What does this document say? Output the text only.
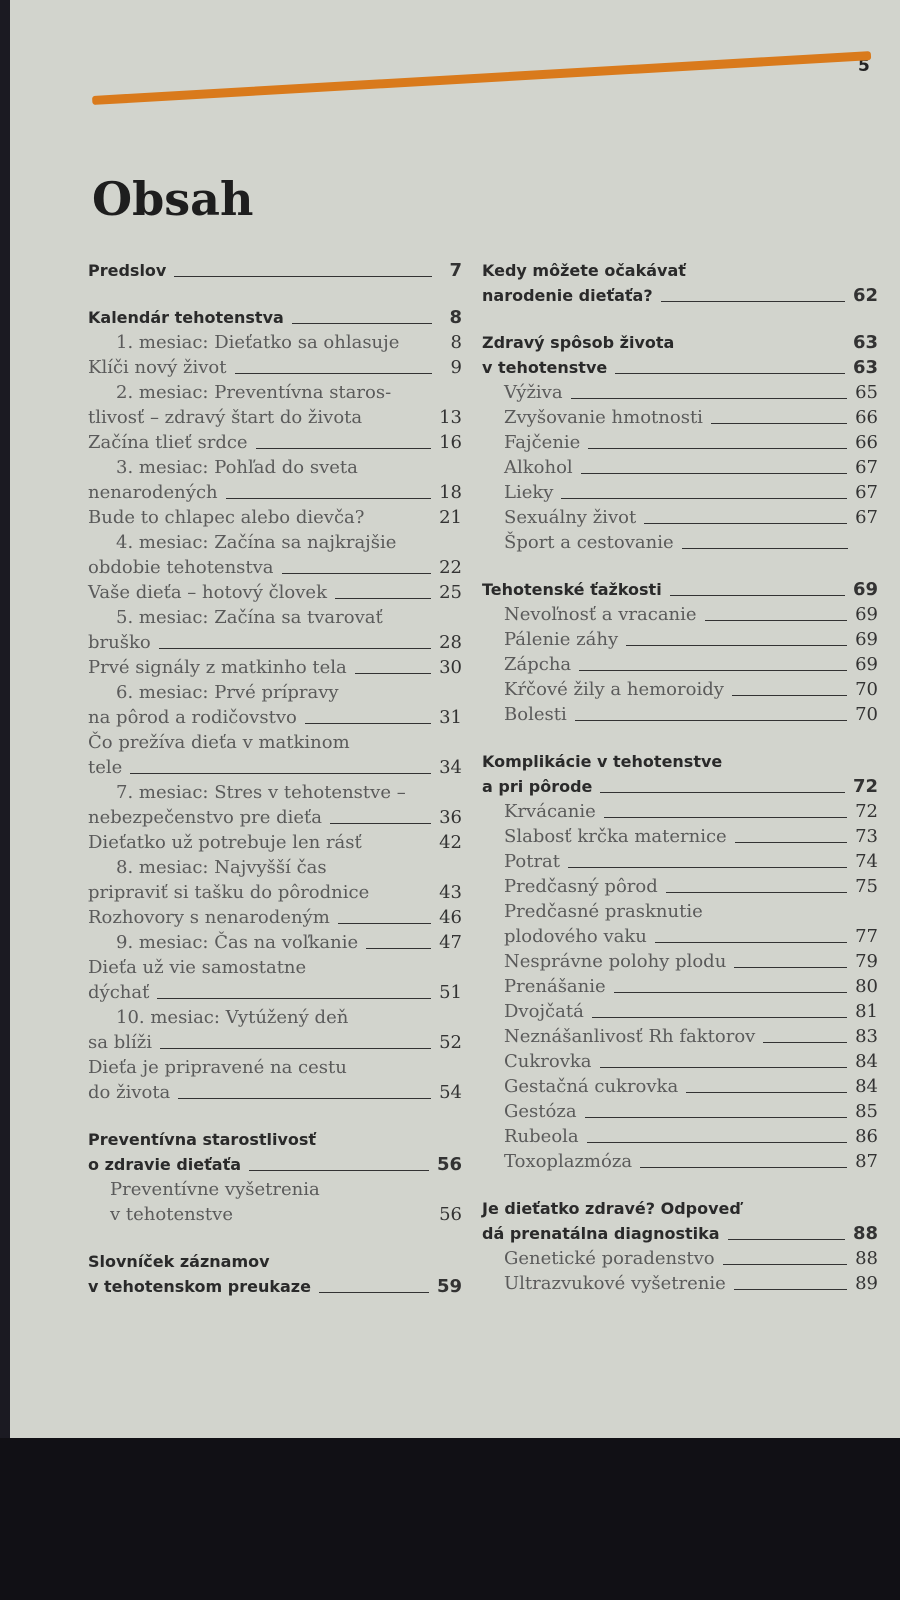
5
Obsah
Predslov	7
Kalendár tehotenstva	8
1. mesiac: Dieťatko sa ohlasuje	8
Klíči nový život	9
2. mesiac: Preventívna staros-
tlivosť – zdravý štart do života	13
Začína tlieť srdce	16
3. mesiac: Pohľad do sveta
nenarodených	18
Bude to chlapec alebo dievča?	21
4. mesiac: Začína sa najkrajšie
obdobie tehotenstva	22
Vaše dieťa – hotový človek	25
5. mesiac: Začína sa tvarovať
bruško	28
Prvé signály z matkinho tela	30
6. mesiac: Prvé prípravy
na pôrod a rodičovstvo	31
Čo prežíva dieťa v matkinom
tele	34
7. mesiac: Stres v tehotenstve –
nebezpečenstvo pre dieťa	36
Dieťatko už potrebuje len rásť	42
8. mesiac: Najvyšší čas
pripraviť si tašku do pôrodnice	43
Rozhovory s nenarodeným	46
9. mesiac: Čas na voľkanie	47
Dieťa už vie samostatne
dýchať	51
10. mesiac: Vytúžený deň
sa blíži	52
Dieťa je pripravené na cestu
do života	54
Preventívna starostlivosť
o zdravie dieťaťa	56
Preventívne vyšetrenia
v tehotenstve	56
Slovníček záznamov
v tehotenskom preukaze	59
Kedy môžete očakávať
narodenie dieťaťa?	62
Zdravý spôsob života	63
v tehotenstve	63
Výživa	65
Zvyšovanie hmotnosti	66
Fajčenie	66
Alkohol	67
Lieky	67
Sexuálny život	67
Šport a cestovanie
Tehotenské ťažkosti	69
Nevoľnosť a vracanie	69
Pálenie záhy	69
Zápcha	69
Kŕčové žily a hemoroidy	70
Bolesti	70
Komplikácie v tehotenstve
a pri pôrode	72
Krvácanie	72
Slabosť krčka maternice	73
Potrat	74
Predčasný pôrod	75
Predčasné prasknutie
plodového vaku	77
Nesprávne polohy plodu	79
Prenášanie	80
Dvojčatá	81
Neznášanlivosť Rh faktorov	83
Cukrovka	84
Gestačná cukrovka	84
Gestóza	85
Rubeola	86
Toxoplazmóza	87
Je dieťatko zdravé? Odpoveď
dá prenatálna diagnostika	88
Genetické poradenstvo	88
Ultrazvukové vyšetrenie	89
